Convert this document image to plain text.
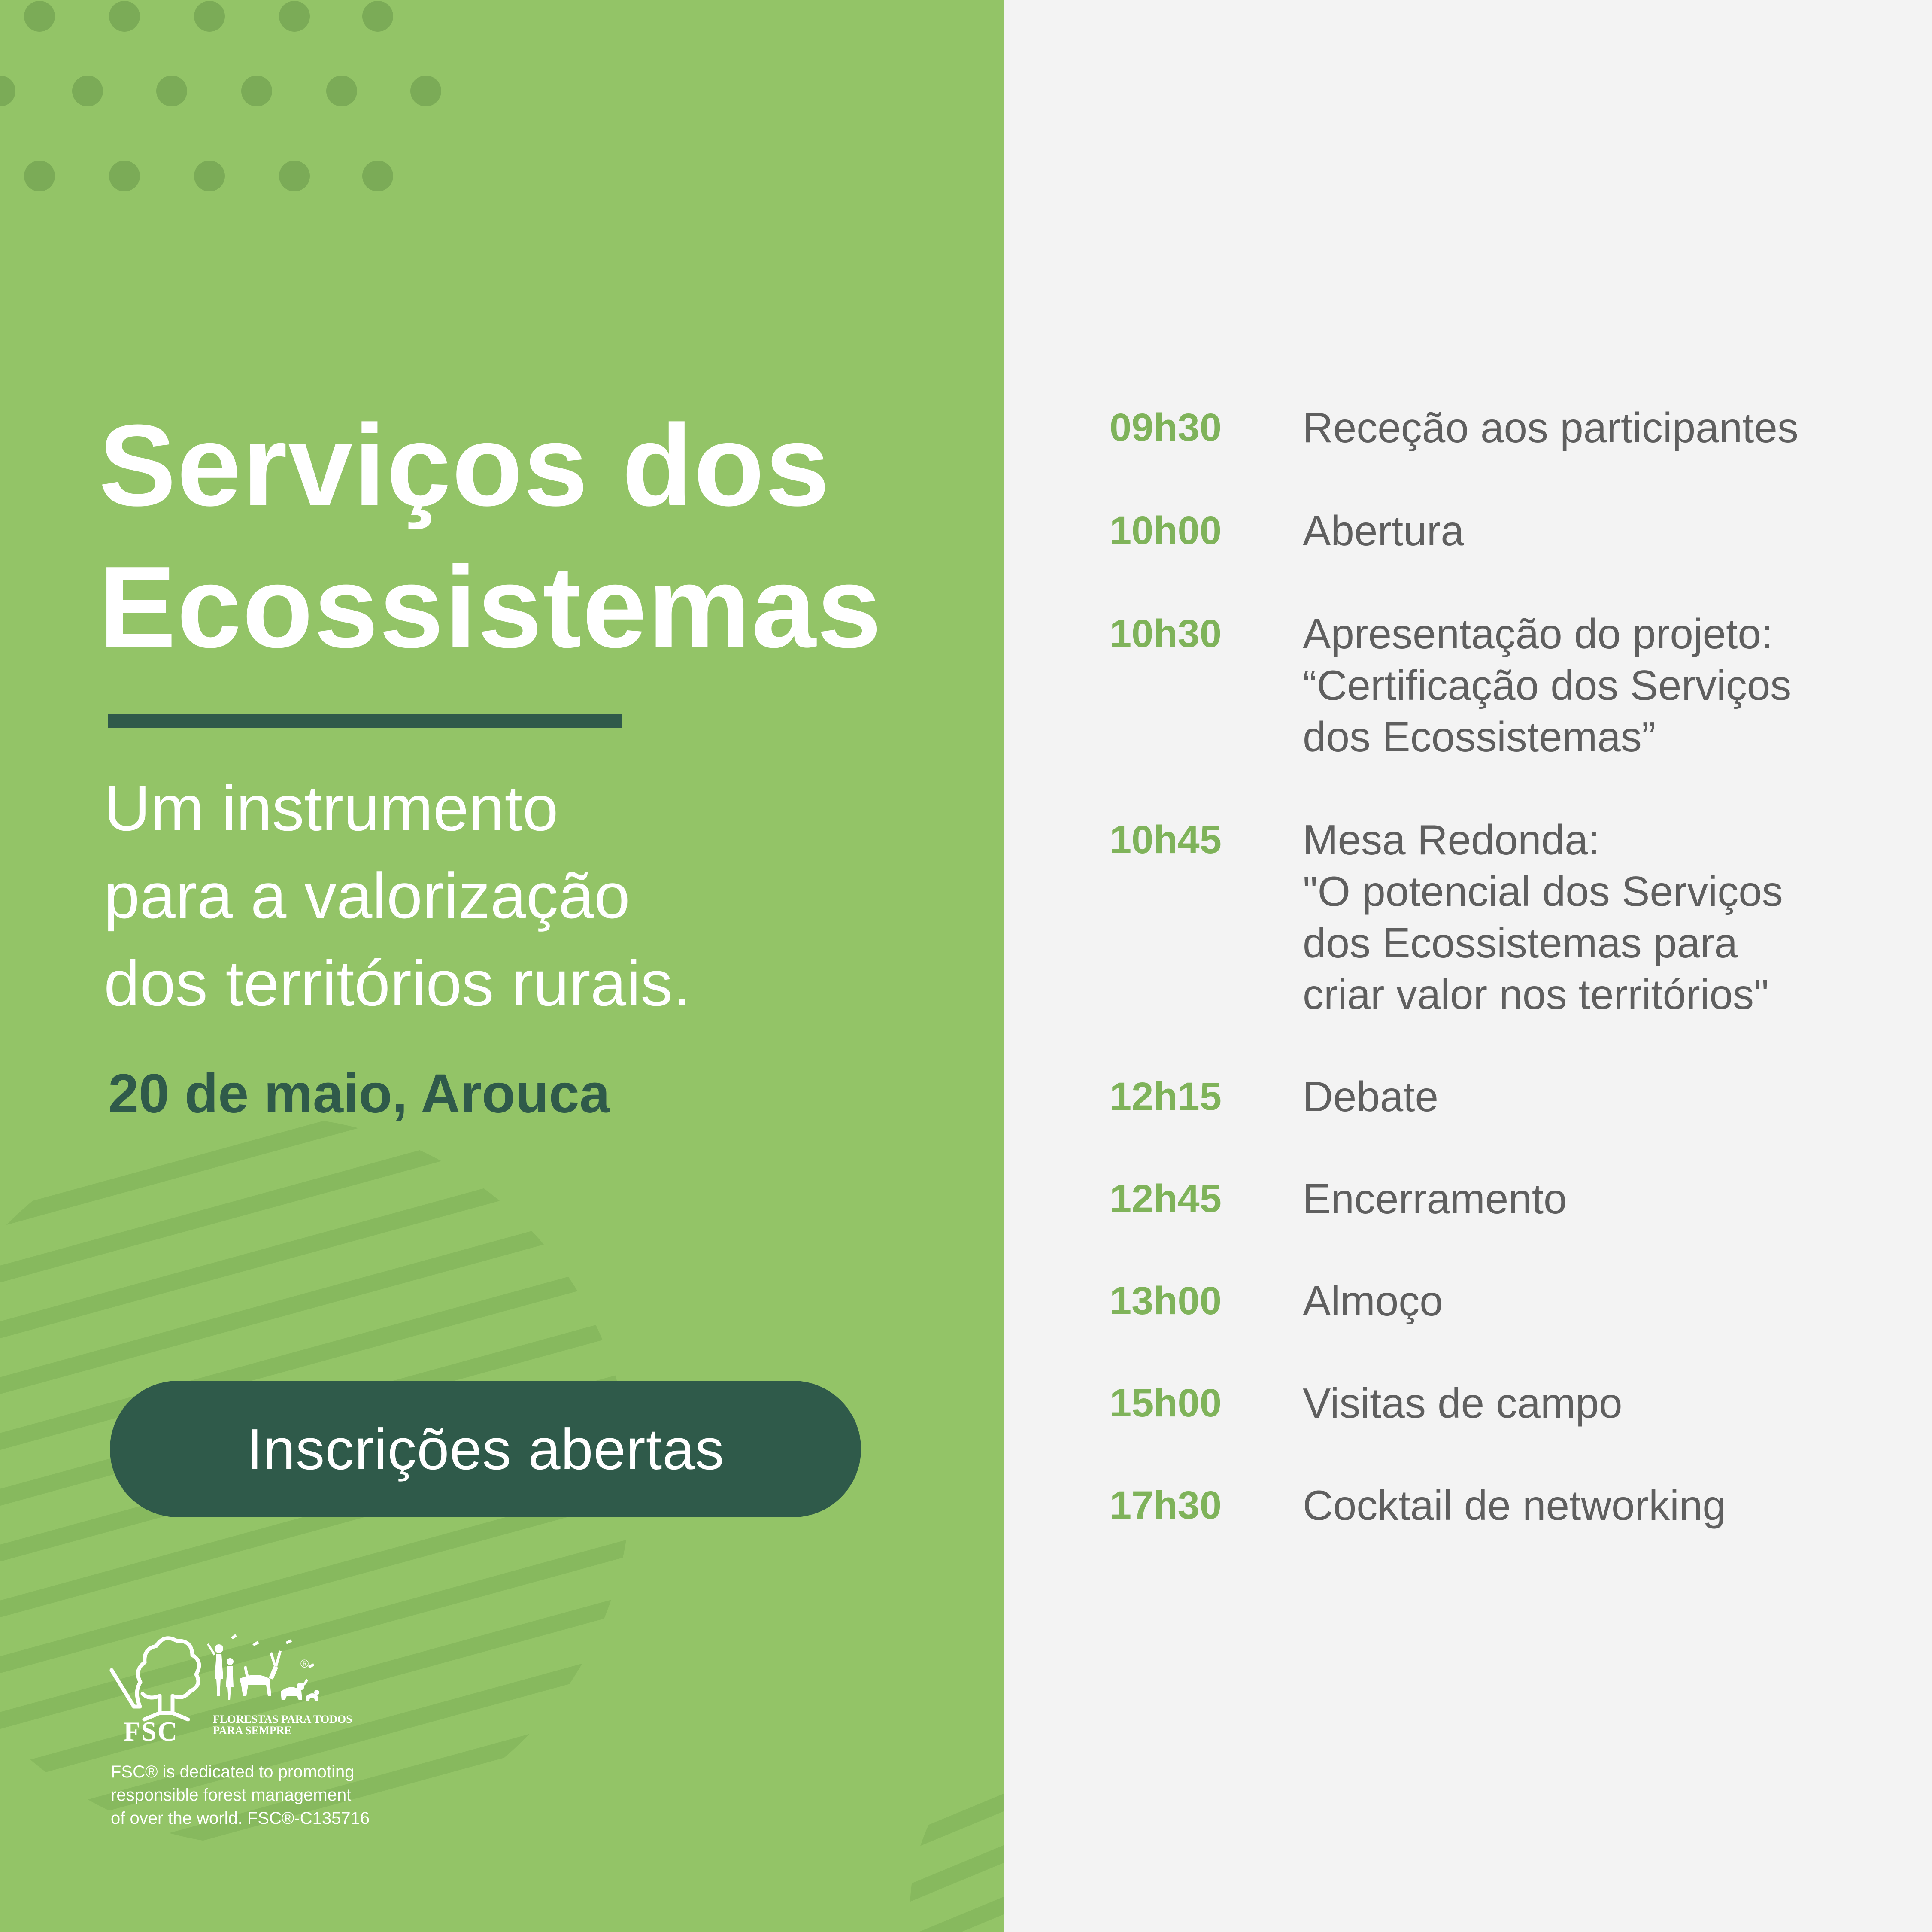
Serviços dos
Ecossistemas

Um instrumento
para a valorização
dos territórios rurais.

20 de maio, Arouca

Inscrições abertas
FSC
®
FLORESTAS PARA TODOS
PARA SEMPRE

FSC® is dedicated to promoting
responsible forest management
of over the world. FSC®-C135716

09h30 Receção aos participantes
10h00 Abertura
10h30 Apresentação do projeto:
“Certificação dos Serviços
dos Ecossistemas”
10h45 Mesa Redonda:
"O potencial dos Serviços
dos Ecossistemas para
criar valor nos territórios"
12h15 Debate
12h45 Encerramento
13h00 Almoço
15h00 Visitas de campo
17h30 Cocktail de networking
